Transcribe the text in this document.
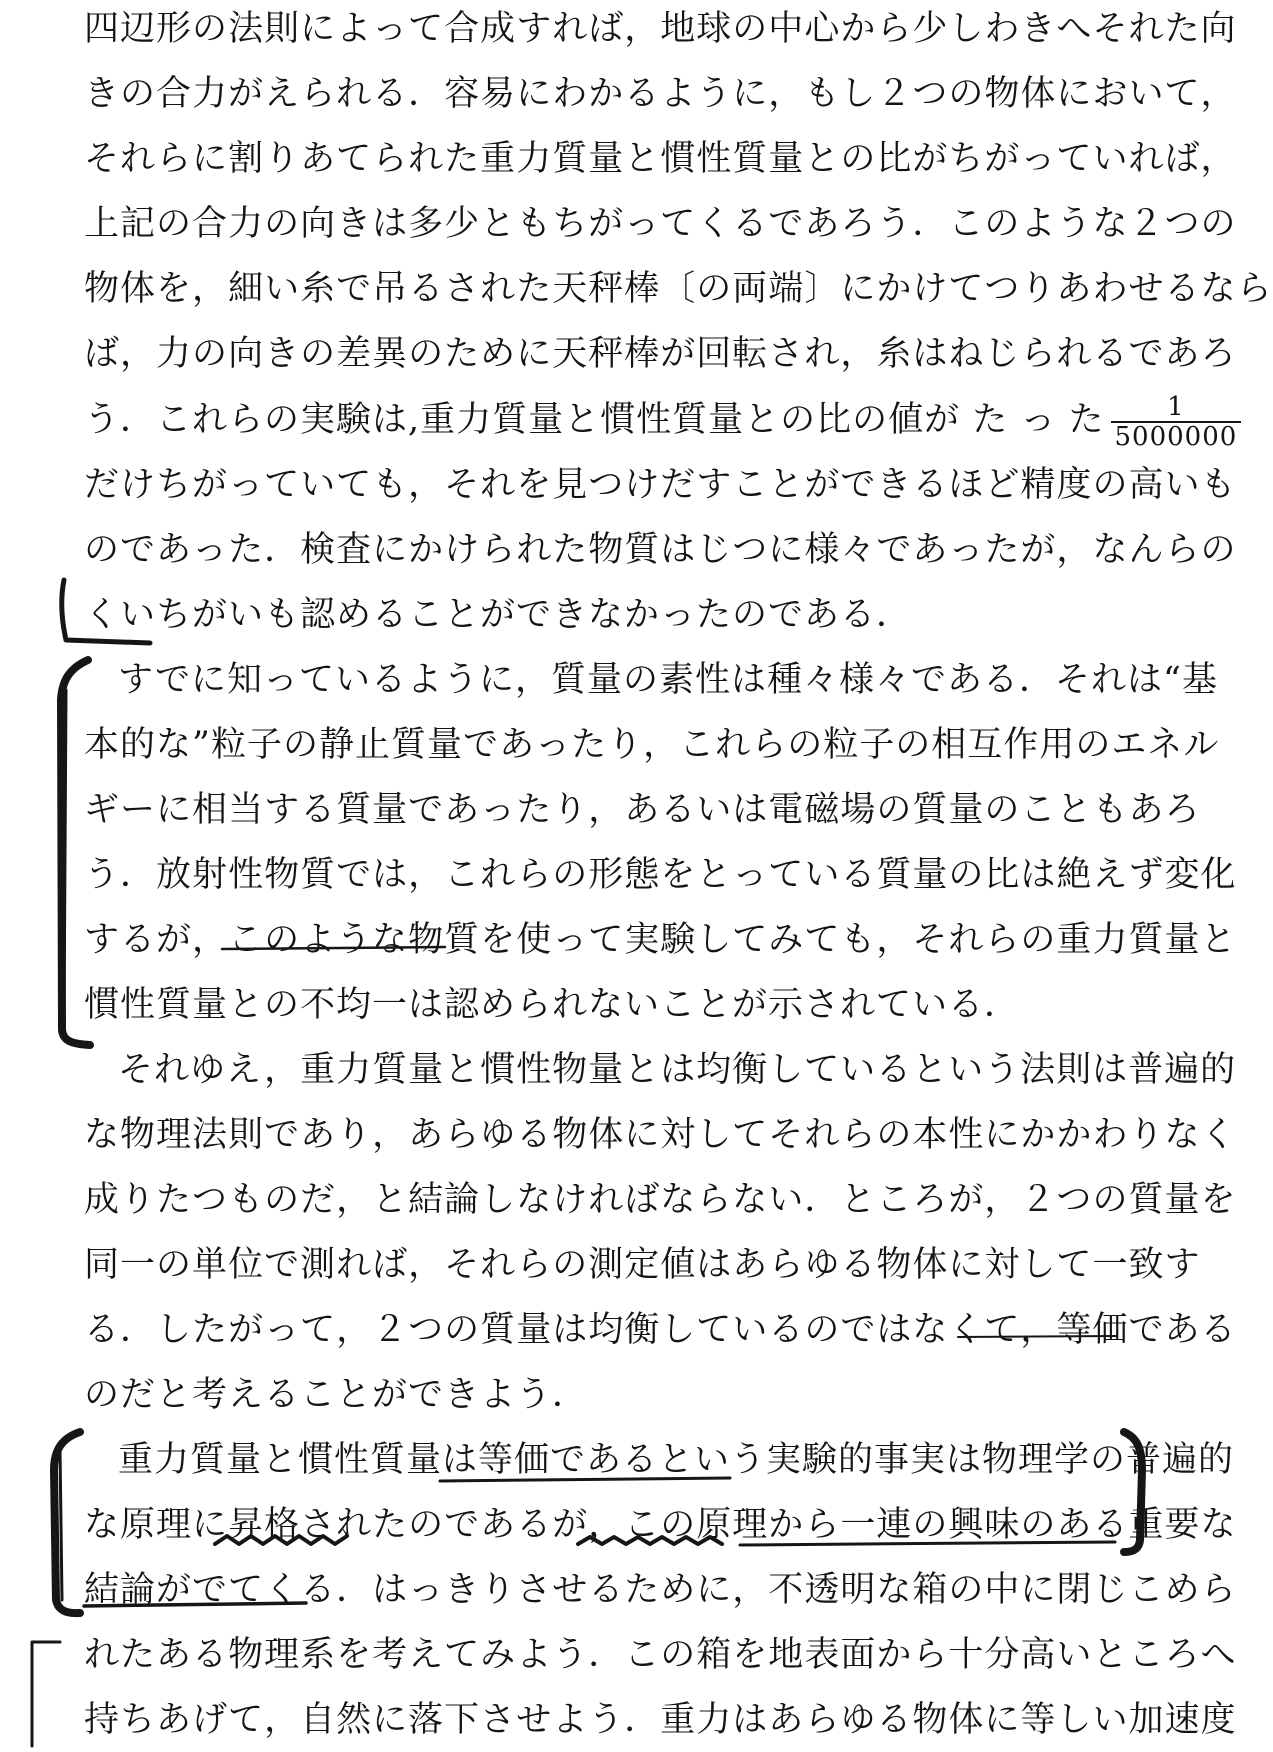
四 辺 形 の 法 則 に よ っ て 合 成 す れ ば ， 地 球 の 中 心 か ら 少 し わ き へ そ れ た 向
き の 合 力 が え ら れ る ． 容 易 に わ か る よ う に ， も し ２ つ の 物 体 に お い て ，
そ れ ら に 割 り あ て ら れ た 重 力 質 量 と 慣 性 質 量 と の 比 が ち が っ て い れ ば ，
上 記 の 合 力 の 向 き は 多 少 と も ち が っ て く る で あ ろ う ． こ の よ う な ２ つ の
物 体 を ， 細 い 糸 で 吊 る さ れ た 天 秤 棒 〔 の 両 端 〕 に か け て つ り あ わ せ る な ら
ば ， 力 の 向 き の 差 異 の た め に 天 秤 棒 が 回 転 さ れ ， 糸 は ね じ ら れ る で あ ろ
う．これらの実験は,重力質量と慣性質量との比の値が た っ た $\frac{1}{5000000}$
だ け ち が っ て い て も ， そ れ を 見 つ け だ す こ と が で き る ほ ど 精 度 の 高 い も
の で あ っ た ． 検 査 に か け ら れ た 物 質 は じ つ に 様 々 で あ っ た が ， な ん ら の
くいちがいも認めることができなかったのである．
すでに知っているように，質量の素性は種々様々である．それは“基
本 的 な ” 粒 子 の 静 止 質 量 で あ っ た り ， こ れ ら の 粒 子 の 相 互 作 用 の エ ネ ル
ギ ー に 相 当 す る 質 量 で あ っ た り ， あ る い は 電 磁 場 の 質 量 の こ と も あ ろ
う ． 放 射 性 物 質 で は ， こ れ ら の 形 態 を と っ て い る 質 量 の 比 は 絶 え ず 変 化
す る が ， こ の よ う な 物 質 を 使 っ て 実 験 し て み て も ， そ れ ら の 重 力 質 量 と
慣性質量との不均一は認められないことが示されている．
それゆえ，重力質量と慣性物量とは均衡しているという法則は普遍的
な 物 理 法 則 で あ り ， あ ら ゆ る 物 体 に 対 し て そ れ ら の 本 性 に か か わ り な く
成 り た つ も の だ ， と 結 論 し な け れ ば な ら な い ． と こ ろ が ， ２ つ の 質 量 を
同 一 の 単 位 で 測 れ ば ， そ れ ら の 測 定 値 は あ ら ゆ る 物 体 に 対 し て 一 致 す
る ． し た が っ て ， ２ つ の 質 量 は 均 衡 し て い る の で は な く て ， 等 価 で あ る
のだと考えることができよう．
重力質量と慣性質量は等価であるという実験的事実は物理学の普遍的
な 原 理 に 昇 格 さ れ た の で あ る が ， こ の 原 理 か ら 一 連 の 興 味 の あ る 重 要 な
結 論 が で て く る ． は っ き り さ せ る た め に ， 不 透 明 な 箱 の 中 に 閉 じ こ め ら
れ た あ る 物 理 系 を 考 え て み よ う ． こ の 箱 を 地 表 面 か ら 十 分 高 い と こ ろ へ
持 ち あ げ て ， 自 然 に 落 下 さ せ よ う ． 重 力 は あ ら ゆ る 物 体 に 等 し い 加 速 度
